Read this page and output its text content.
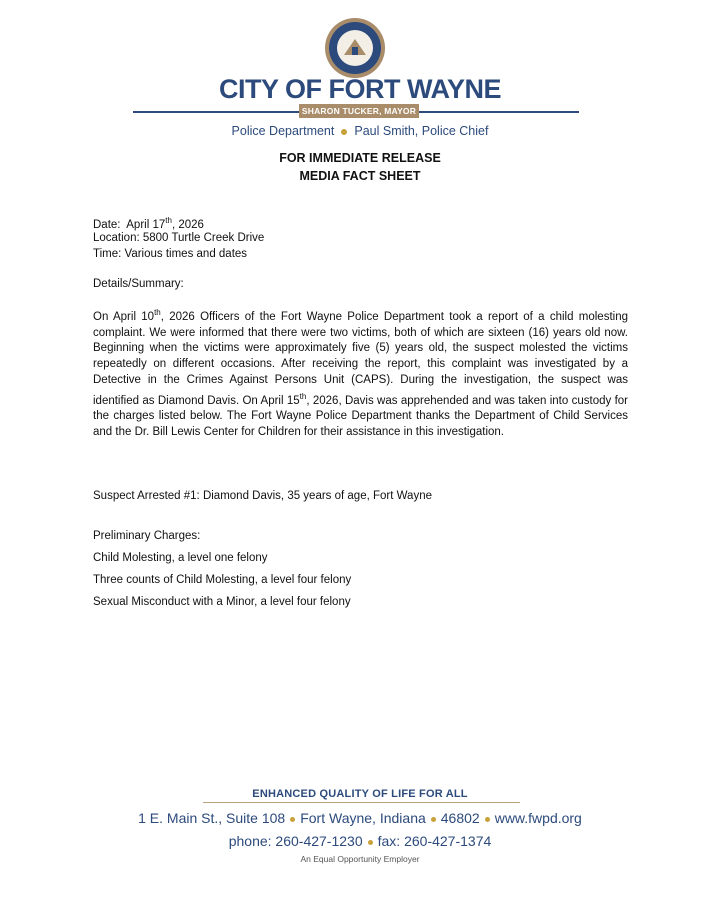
CITY OF FORT WAYNE
SHARON TUCKER, MAYOR
Police Department Paul Smith, Police Chief
FOR IMMEDIATE RELEASE
MEDIA FACT SHEET
Date: April 17th, 2026
Location: 5800 Turtle Creek Drive
Time: Various times and dates
Details/Summary:
On April 10th, 2026 Officers of the Fort Wayne Police Department took a report of a child molesting complaint. We were informed that there were two victims, both of which are sixteen (16) years old now. Beginning when the victims were approximately five (5) years old, the suspect molested the victims repeatedly on different occasions. After receiving the report, this complaint was investigated by a Detective in the Crimes Against Persons Unit (CAPS). During the investigation, the suspect was identified as Diamond Davis. On April 15th, 2026, Davis was apprehended and was taken into custody for the charges listed below. The Fort Wayne Police Department thanks the Department of Child Services and the Dr. Bill Lewis Center for Children for their assistance in this investigation.
Suspect Arrested #1: Diamond Davis, 35 years of age, Fort Wayne
Preliminary Charges:
Child Molesting, a level one felony
Three counts of Child Molesting, a level four felony
Sexual Misconduct with a Minor, a level four felony
ENHANCED QUALITY OF LIFE FOR ALL
1 E. Main St., Suite 108 Fort Wayne, Indiana 46802 www.fwpd.org
phone: 260-427-1230 fax: 260-427-1374
An Equal Opportunity Employer
